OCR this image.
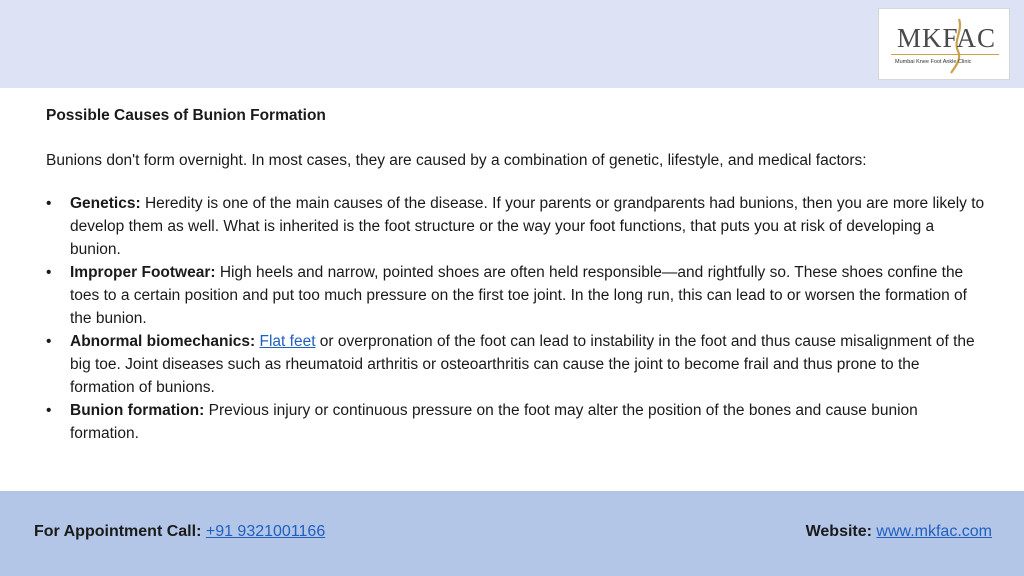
MKFAC
Mumbai Knee Foot Ankle Clinic

Possible Causes of Bunion Formation

Bunions don't form overnight. In most cases, they are caused by a combination of genetic, lifestyle, and medical factors:

• Genetics: Heredity is one of the main causes of the disease. If your parents or grandparents had bunions, then you are more likely to develop them as well. What is inherited is the foot structure or the way your foot functions, that puts you at risk of developing a bunion.
• Improper Footwear: High heels and narrow, pointed shoes are often held responsible—and rightfully so. These shoes confine the toes to a certain position and put too much pressure on the first toe joint. In the long run, this can lead to or worsen the formation of the bunion.
• Abnormal biomechanics: Flat feet or overpronation of the foot can lead to instability in the foot and thus cause misalignment of the big toe. Joint diseases such as rheumatoid arthritis or osteoarthritis can cause the joint to become frail and thus prone to the formation of bunions.
• Bunion formation: Previous injury or continuous pressure on the foot may alter the position of the bones and cause bunion formation.
For Appointment Call: +91 9321001166	Website: www.mkfac.com
